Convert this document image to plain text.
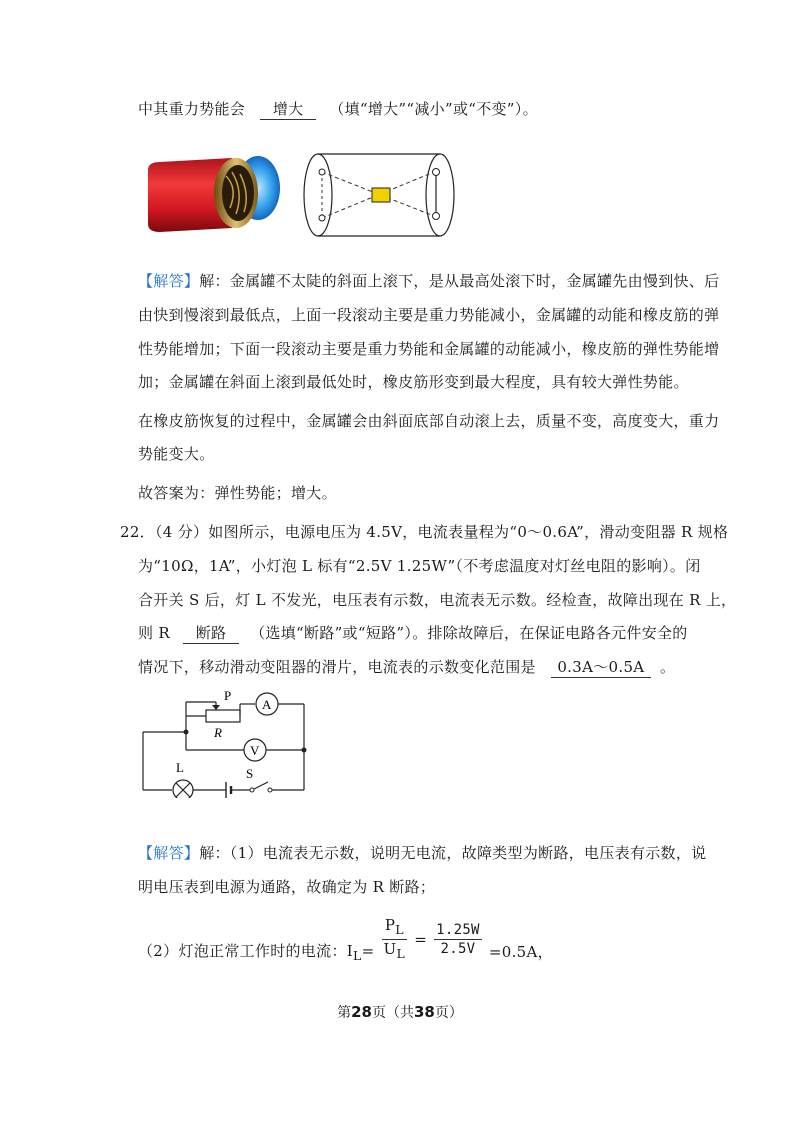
中其重力势能会 增大 （填“增大”“减小”或“不变”）。
【解答】解：金属罐不太陡的斜面上滚下，是从最高处滚下时，金属罐先由慢到快、后
由快到慢滚到最低点，上面一段滚动主要是重力势能减小，金属罐的动能和橡皮筋的弹
性势能增加；下面一段滚动主要是重力势能和金属罐的动能减小，橡皮筋的弹性势能增
加；金属罐在斜面上滚到最低处时，橡皮筋形变到最大程度，具有较大弹性势能。
在橡皮筋恢复的过程中，金属罐会由斜面底部自动滚上去，质量不变，高度变大，重力
势能变大。
故答案为：弹性势能；增大。
22．（4 分）如图所示，电源电压为 4.5V，电流表量程为“0～0.6A”，滑动变阻器 R 规格
为“10Ω，1A”，小灯泡 L 标有“2.5V 1.25W”（不考虑温度对灯丝电阻的影响）。闭
合开关 S 后，灯 L 不发光，电压表有示数，电流表无示数。经检查，故障出现在 R 上，
则 R 断路 （选填“断路”或“短路”）。排除故障后，在保证电路各元件安全的
情况下，移动滑动变阻器的滑片，电流表的示数变化范围是 0.3A～0.5A 。
P
R
A
V
L	S
【解答】解：（1）电流表无示数，说明无电流，故障类型为断路，电压表有示数，说
明电压表到电源为通路，故确定为 R 断路；
（2）灯泡正常工作时的电流：$I_L= \frac{P_L}{U_L} = \frac{1.25W}{2.5V} =0.5A$，
第28页（共38页）
